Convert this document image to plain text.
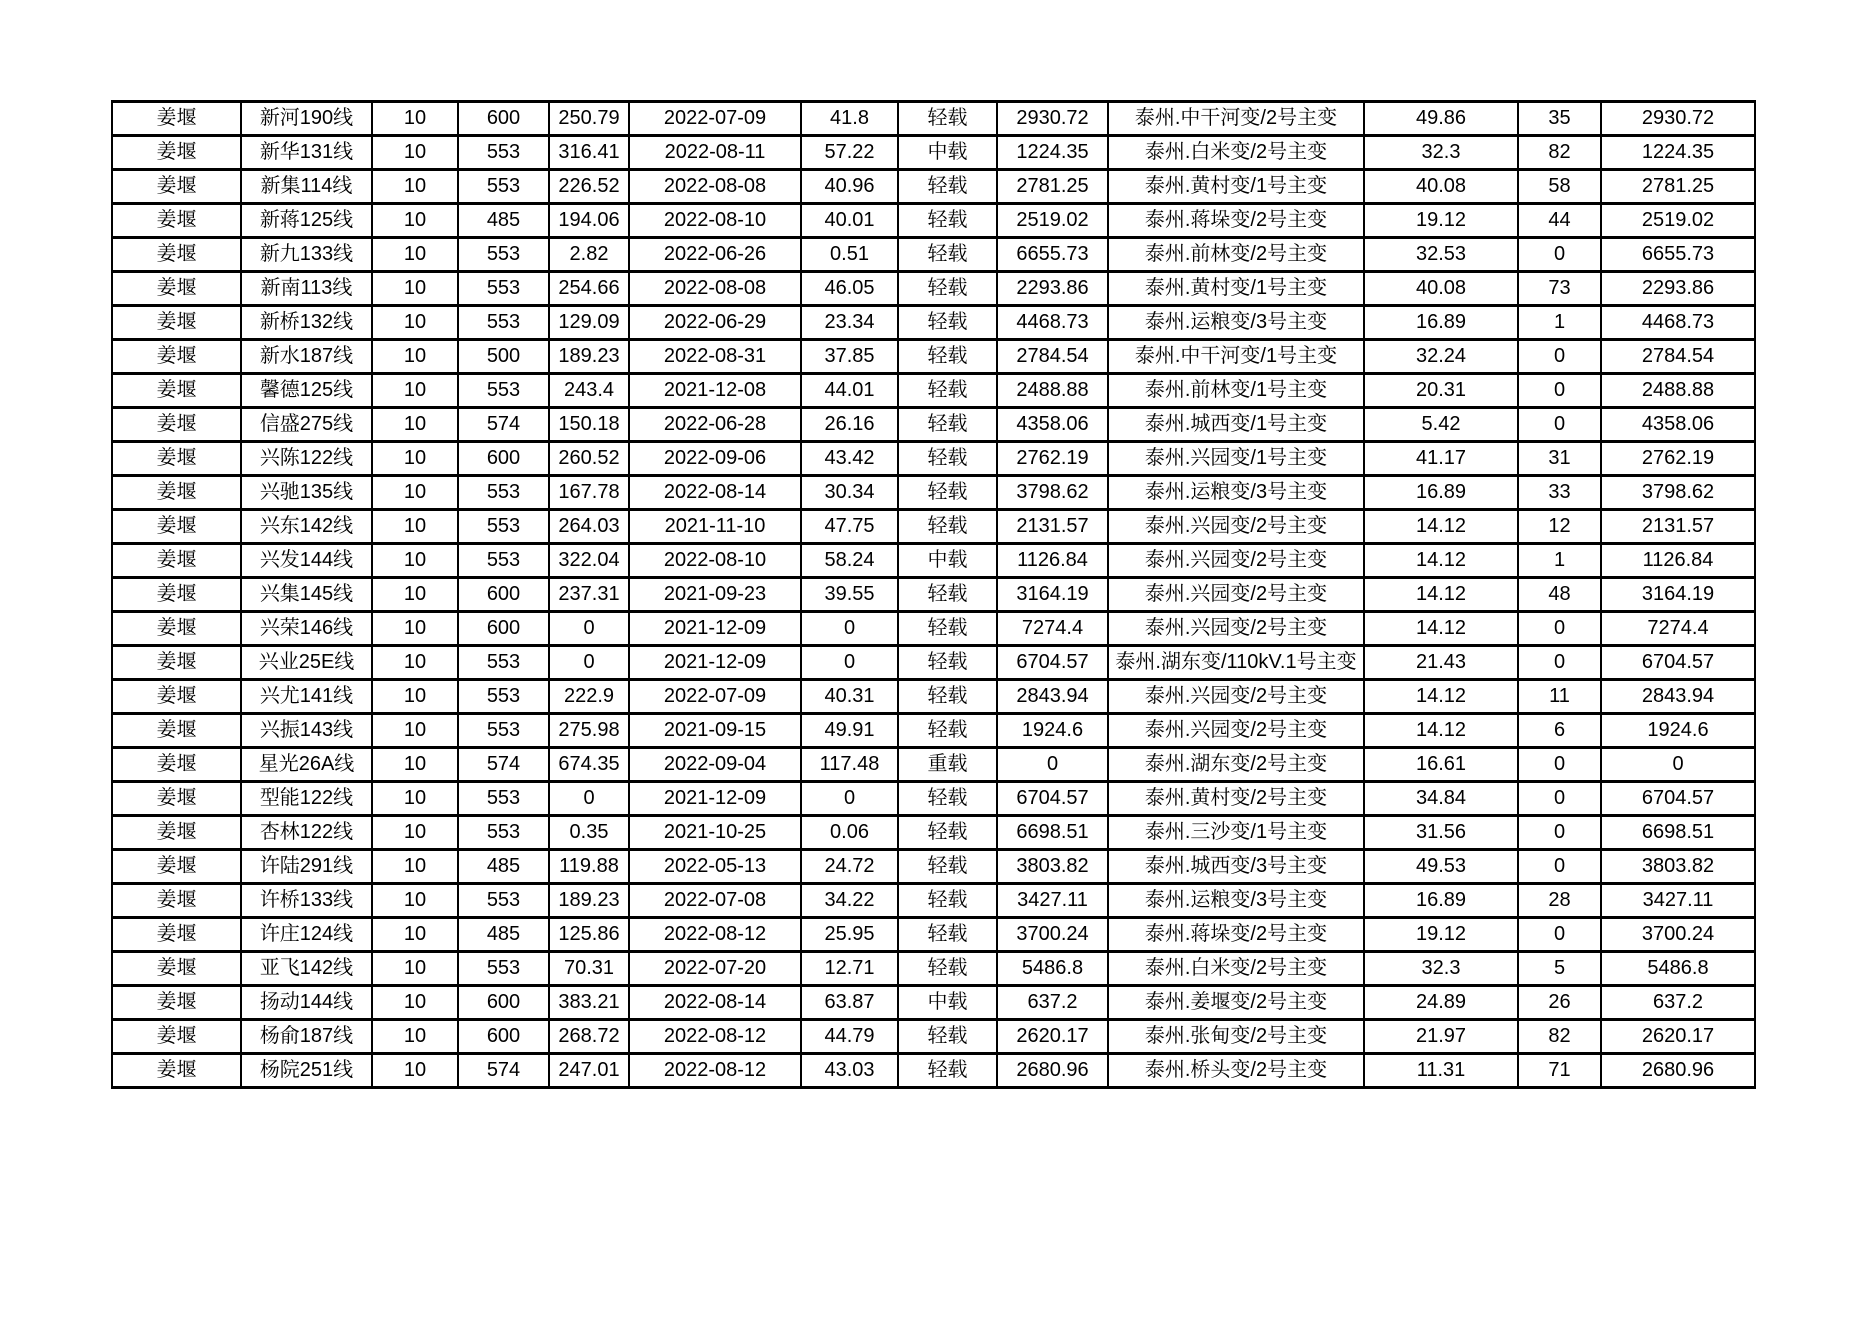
姜堰	新河190线	10	600	250.79	2022-07-09	41.8	轻载	2930.72	泰州.中干河变/2号主变	49.86	35	2930.72

姜堰	新华131线	10	553	316.41	2022-08-11	57.22	中载	1224.35	泰州.白米变/2号主变	32.3	82	1224.35

姜堰	新集114线	10	553	226.52	2022-08-08	40.96	轻载	2781.25	泰州.黄村变/1号主变	40.08	58	2781.25

姜堰	新蒋125线	10	485	194.06	2022-08-10	40.01	轻载	2519.02	泰州.蒋垛变/2号主变	19.12	44	2519.02

姜堰	新九133线	10	553	2.82	2022-06-26	0.51	轻载	6655.73	泰州.前林变/2号主变	32.53	0	6655.73

姜堰	新南113线	10	553	254.66	2022-08-08	46.05	轻载	2293.86	泰州.黄村变/1号主变	40.08	73	2293.86

姜堰	新桥132线	10	553	129.09	2022-06-29	23.34	轻载	4468.73	泰州.运粮变/3号主变	16.89	1	4468.73

姜堰	新水187线	10	500	189.23	2022-08-31	37.85	轻载	2784.54	泰州.中干河变/1号主变	32.24	0	2784.54

姜堰	馨德125线	10	553	243.4	2021-12-08	44.01	轻载	2488.88	泰州.前林变/1号主变	20.31	0	2488.88

姜堰	信盛275线	10	574	150.18	2022-06-28	26.16	轻载	4358.06	泰州.城西变/1号主变	5.42	0	4358.06

姜堰	兴陈122线	10	600	260.52	2022-09-06	43.42	轻载	2762.19	泰州.兴园变/1号主变	41.17	31	2762.19

姜堰	兴驰135线	10	553	167.78	2022-08-14	30.34	轻载	3798.62	泰州.运粮变/3号主变	16.89	33	3798.62

姜堰	兴东142线	10	553	264.03	2021-11-10	47.75	轻载	2131.57	泰州.兴园变/2号主变	14.12	12	2131.57

姜堰	兴发144线	10	553	322.04	2022-08-10	58.24	中载	1126.84	泰州.兴园变/2号主变	14.12	1	1126.84

姜堰	兴集145线	10	600	237.31	2021-09-23	39.55	轻载	3164.19	泰州.兴园变/2号主变	14.12	48	3164.19

姜堰	兴荣146线	10	600	0	2021-12-09	0	轻载	7274.4	泰州.兴园变/2号主变	14.12	0	7274.4

姜堰	兴业25E线	10	553	0	2021-12-09	0	轻载	6704.57	泰州.湖东变/110kV.1号主变	21.43	0	6704.57

姜堰	兴尤141线	10	553	222.9	2022-07-09	40.31	轻载	2843.94	泰州.兴园变/2号主变	14.12	11	2843.94

姜堰	兴振143线	10	553	275.98	2021-09-15	49.91	轻载	1924.6	泰州.兴园变/2号主变	14.12	6	1924.6

姜堰	星光26A线	10	574	674.35	2022-09-04	117.48	重载	0	泰州.湖东变/2号主变	16.61	0	0

姜堰	型能122线	10	553	0	2021-12-09	0	轻载	6704.57	泰州.黄村变/2号主变	34.84	0	6704.57

姜堰	杏林122线	10	553	0.35	2021-10-25	0.06	轻载	6698.51	泰州.三沙变/1号主变	31.56	0	6698.51

姜堰	许陆291线	10	485	119.88	2022-05-13	24.72	轻载	3803.82	泰州.城西变/3号主变	49.53	0	3803.82

姜堰	许桥133线	10	553	189.23	2022-07-08	34.22	轻载	3427.11	泰州.运粮变/3号主变	16.89	28	3427.11

姜堰	许庄124线	10	485	125.86	2022-08-12	25.95	轻载	3700.24	泰州.蒋垛变/2号主变	19.12	0	3700.24

姜堰	亚飞142线	10	553	70.31	2022-07-20	12.71	轻载	5486.8	泰州.白米变/2号主变	32.3	5	5486.8

姜堰	扬动144线	10	600	383.21	2022-08-14	63.87	中载	637.2	泰州.姜堰变/2号主变	24.89	26	637.2

姜堰	杨俞187线	10	600	268.72	2022-08-12	44.79	轻载	2620.17	泰州.张甸变/2号主变	21.97	82	2620.17

姜堰	杨院251线	10	574	247.01	2022-08-12	43.03	轻载	2680.96	泰州.桥头变/2号主变	11.31	71	2680.96
